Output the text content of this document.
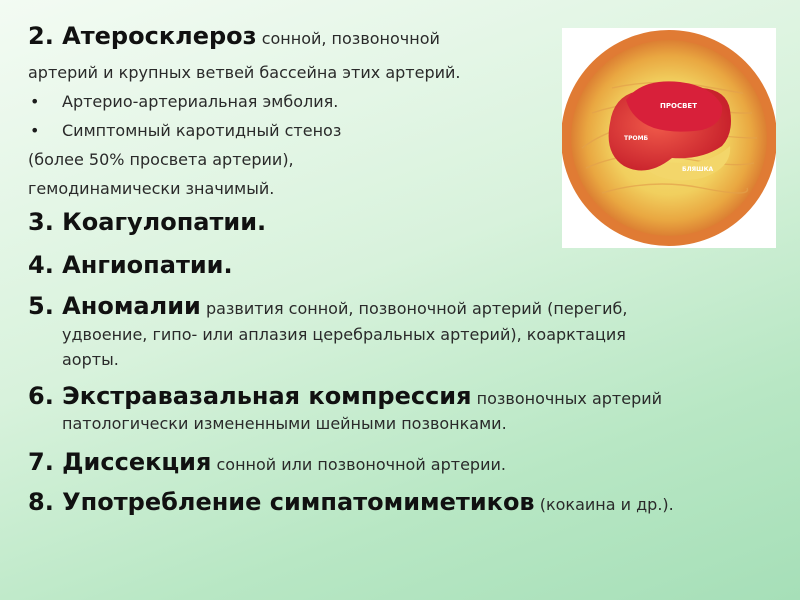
2. Атеросклероз сонной, позвоночной
артерий и крупных ветвей бассейна этих артерий.
• Артерио-артериальная эмболия.
• Симптомный каротидный стеноз
(более 50% просвета артерии),
гемодинамически значимый.
3. Коагулопатии.
4. Ангиопатии.
5. Аномалии развития сонной, позвоночной артерий (перегиб,
удвоение, гипо- или аплазия церебральных артерий), коарктация
аорты.
6. Экстравазальная компрессия позвоночных артерий
патологически измененными шейными позвонками.
7. Диссекция сонной или позвоночной артерии.
8. Употребление симпатомиметиков (кокаина и др.).
ПРОСВЕТ
ТРОМБ
БЛЯШКА
